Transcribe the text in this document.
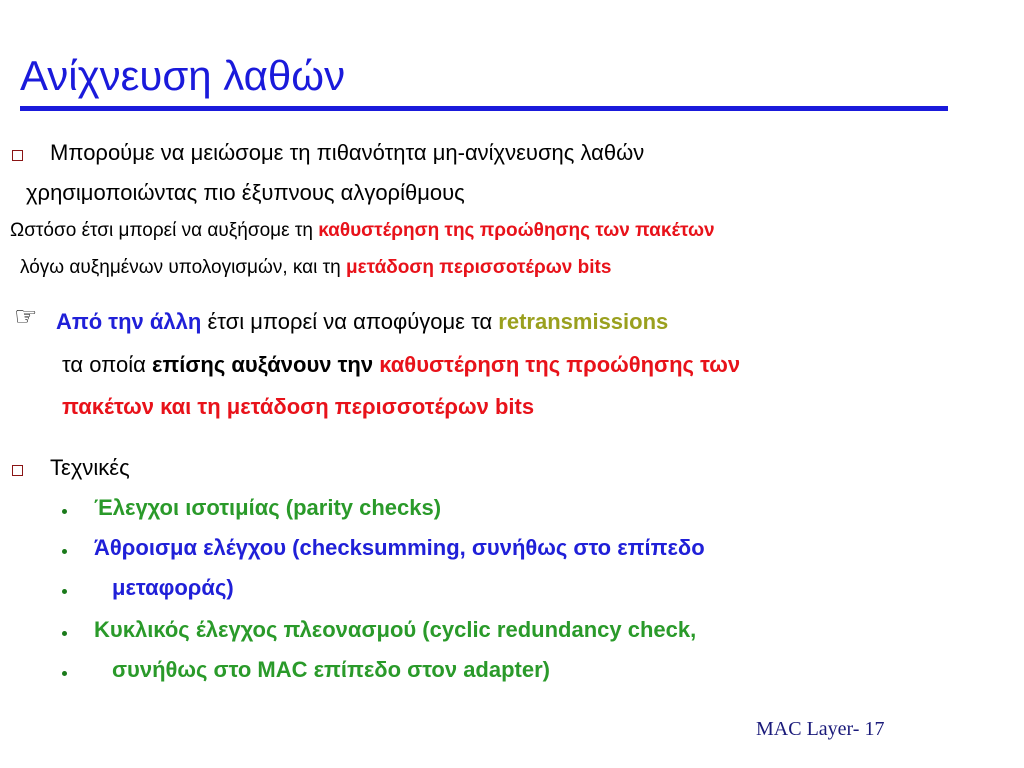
Ανίχνευση λαθών
Μπορούμε να μειώσομε τη πιθανότητα μη-ανίχνευσης λαθών
χρησιμοποιώντας πιο έξυπνους αλγορίθμους
Ωστόσο έτσι μπορεί να αυξήσομε τη καθυστέρηση της προώθησης των πακέτων
λόγω αυξημένων υπολογισμών, και τη μετάδοση περισσοτέρων bits
☞ Από την άλλη έτσι μπορεί να αποφύγομε τα retransmissions
τα οποία επίσης αυξάνουν την καθυστέρηση της προώθησης των
πακέτων και τη μετάδοση περισσοτέρων bits
Τεχνικές
Έλεγχοι ισοτιμίας (parity checks)
Άθροισμα ελέγχου (checksumming, συνήθως στο επίπεδο
μεταφοράς)
Κυκλικός έλεγχος πλεονασμού (cyclic redundancy check,
συνήθως στο MAC επίπεδο στον adapter)
MAC Layer- 17
